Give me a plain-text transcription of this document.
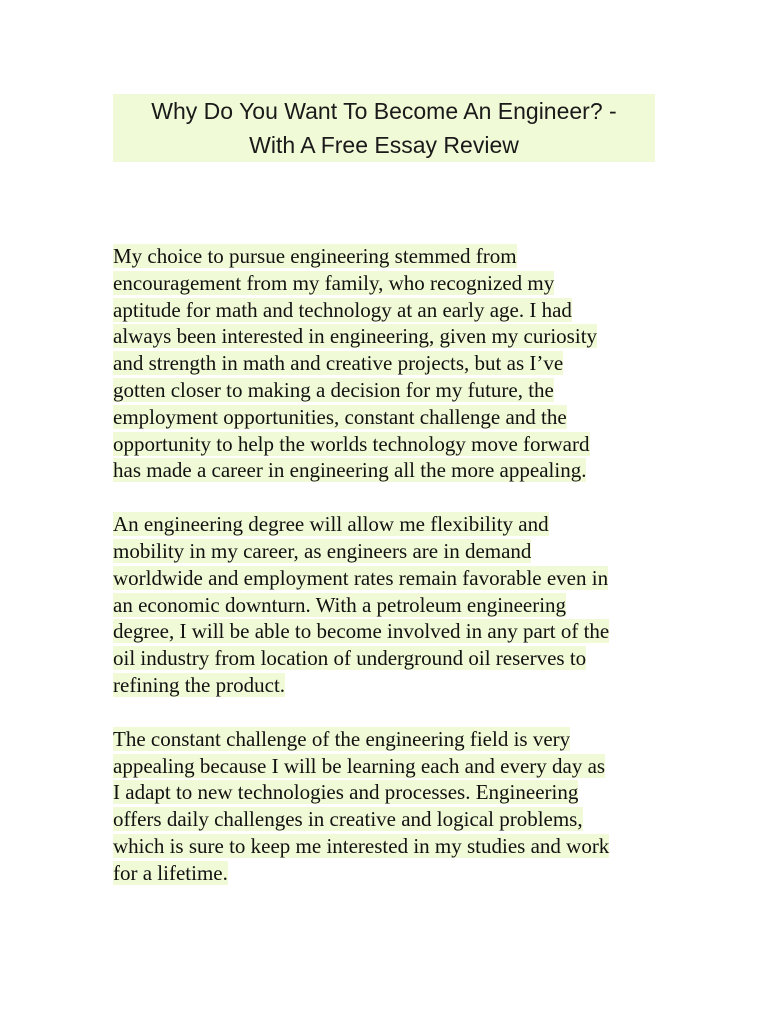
Why Do You Want To Become An Engineer? -
With A Free Essay Review
My choice to pursue engineering stemmed from
encouragement from my family, who recognized my
aptitude for math and technology at an early age. I had
always been interested in engineering, given my curiosity
and strength in math and creative projects, but as I’ve
gotten closer to making a decision for my future, the
employment opportunities, constant challenge and the
opportunity to help the worlds technology move forward
has made a career in engineering all the more appealing.
An engineering degree will allow me flexibility and
mobility in my career, as engineers are in demand
worldwide and employment rates remain favorable even in
an economic downturn. With a petroleum engineering
degree, I will be able to become involved in any part of the
oil industry from location of underground oil reserves to
refining the product.
The constant challenge of the engineering field is very
appealing because I will be learning each and every day as
I adapt to new technologies and processes. Engineering
offers daily challenges in creative and logical problems,
which is sure to keep me interested in my studies and work
for a lifetime.
